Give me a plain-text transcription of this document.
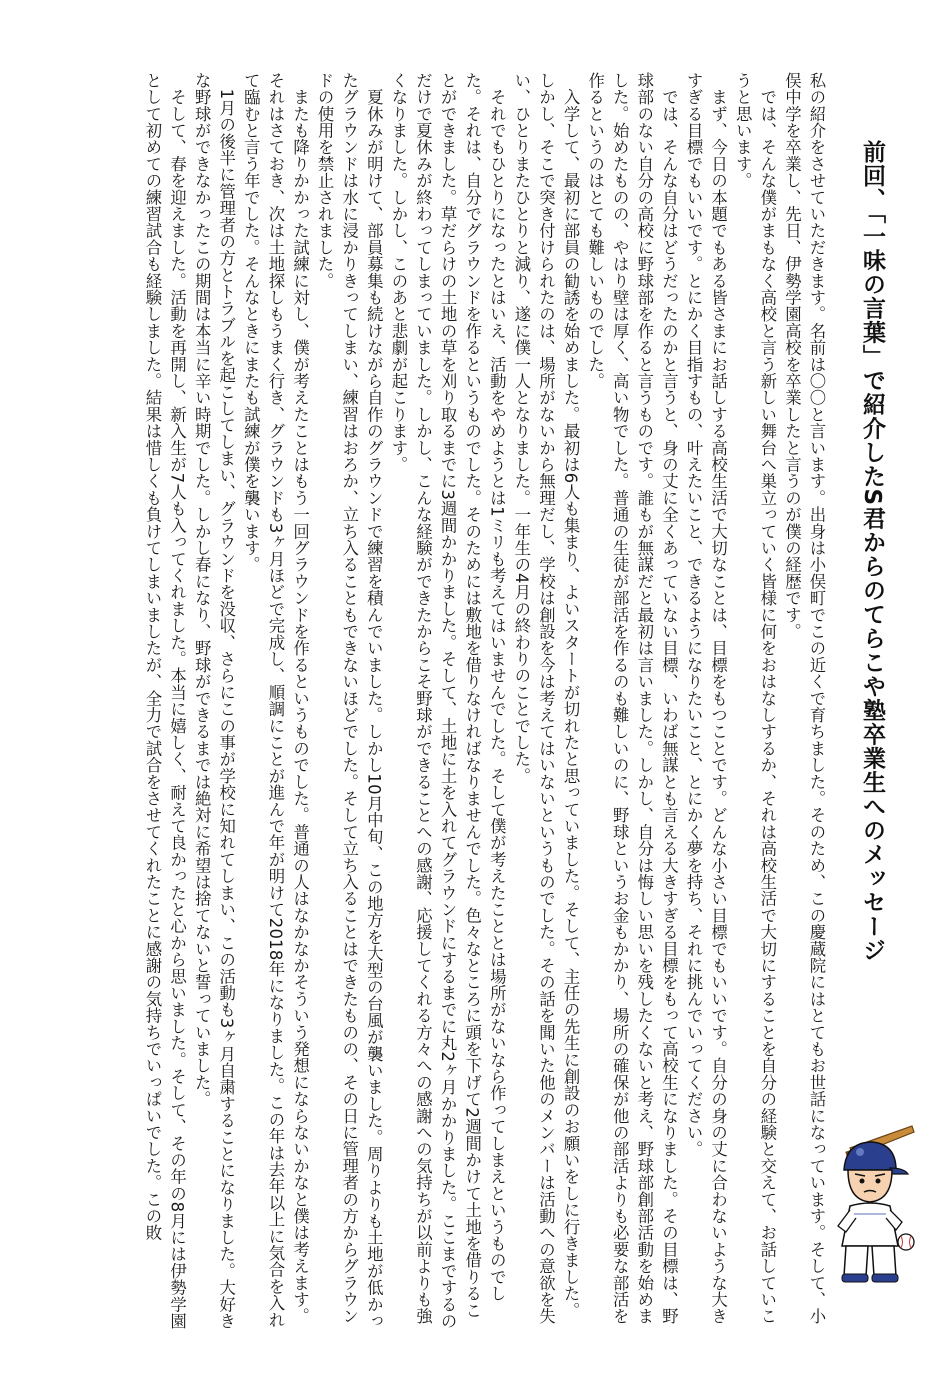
前回、「一味の言葉」で紹介したS君からのてらこや塾卒業生へのメッセージ

私の紹介をさせていただきます。名前は〇〇と言います。出身は小俣町でこの近くで育ちました。そのため、この慶蔵院にはとてもお世話になっています。そして、小俣中学を卒業し、先日、伊勢学園高校を卒業したと言うのが僕の経歴です。

　では、そんな僕がまもなく高校と言う新しい舞台へ巣立っていく皆様に何をおはなしするか、それは高校生活で大切にすることを自分の経験と交えて、お話していこうと思います。

　まず、今日の本題でもある皆さまにお話しする高校生活で大切なことは、目標をもつことです。どんな小さい目標でもいいです。自分の身の丈に合わないような大きすぎる目標でもいいです。とにかく目指すもの、叶えたいこと、できるようになりたいこと、とにかく夢を持ち、それに挑んでいってください。

　では、そんな自分はどうだったのかと言うと、身の丈に全くあっていない目標、いわば無謀とも言える大きすぎる目標をもって高校生になりました。その目標は、野球部のない自分の高校に野球部を作ると言うものです。誰もが無謀だと最初は言いました。しかし、自分は悔しい思いを残したくないと考え、野球部創部活動を始めました。始めたものの、やはり壁は厚く、高い物でした。普通の生徒が部活を作るのも難しいのに、野球というお金もかかり、場所の確保が他の部活よりも必要な部活を作るというのはとても難しいものでした。

　入学して、最初に部員の勧誘を始めました。最初は6人も集まり、よいスタートが切れたと思っていました。そして、主任の先生に創設のお願いをしに行きました。しかし、そこで突き付けられたのは、場所がないから無理だし、学校は創設を今は考えてはいないというものでした。その話を聞いた他のメンバーは活動への意欲を失い、ひとりまたひとりと減り、遂に僕一人となりました。一年生の4月の終わりのことでした。

　それでもひとりになったとはいえ、活動をやめようとは1ミリも考えてはいませんでした。そして僕が考えたこととは場所がないなら作ってしまえというものでした。それは、自分でグラウンドを作るというものでした。そのためには敷地を借りなければなりませんでした。色々なところに頭を下げて2週間かけて土地を借りることができました。草だらけの土地の草を刈り取るまでに3週間かかりました。そして、土地に土を入れてグラウンドにするまでに丸2ヶ月かかりました。ここまでするのだけで夏休みが終わってしまっていました。しかし、こんな経験ができたからこそ野球ができることへの感謝、応援してくれる方々への感謝への気持ちが以前よりも強くなりました。しかし、このあと悲劇が起こります。

　夏休みが明けて、部員募集も続けながら自作のグラウンドで練習を積んでいました。しかし10月中旬、この地方を大型の台風が襲いました。周りよりも土地が低かったグラウンドは水に浸かりきってしまい、練習はおろか、立ち入ることもできないほどでした。そして立ち入ることはできたものの、その日に管理者の方からグラウンドの使用を禁止されました。

　またも降りかかった試練に対し、僕が考えたことはもう一回グラウンドを作るというものでした。普通の人はなかなかそういう発想にならないかなと僕は考えます。それはさておき、次は土地探しもうまく行き、グラウンドも3ヶ月ほどで完成し、順調にことが進んで年が明けて2018年になりました。この年は去年以上に気合を入れて臨むと言う年でした。そんなときにまたも試練が僕を襲います。

　1月の後半に管理者の方とトラブルを起こしてしまい、グラウンドを没収、さらにこの事が学校に知れてしまい、この活動も3ヶ月自粛することになりました。大好きな野球ができなかったこの期間は本当に辛い時期でした。しかし春になり、野球ができるまでは絶対に希望は捨てないと誓っていました。

　そして、春を迎えました。活動を再開し、新入生が7人も入ってくれました。本当に嬉しく、耐えて良かったと心から思いました。そして、その年の8月には伊勢学園として初めての練習試合も経験しました。結果は惜しくも負けてしまいましたが、全力で試合をさせてくれたことに感謝の気持ちでいっぱいでした。この敗
